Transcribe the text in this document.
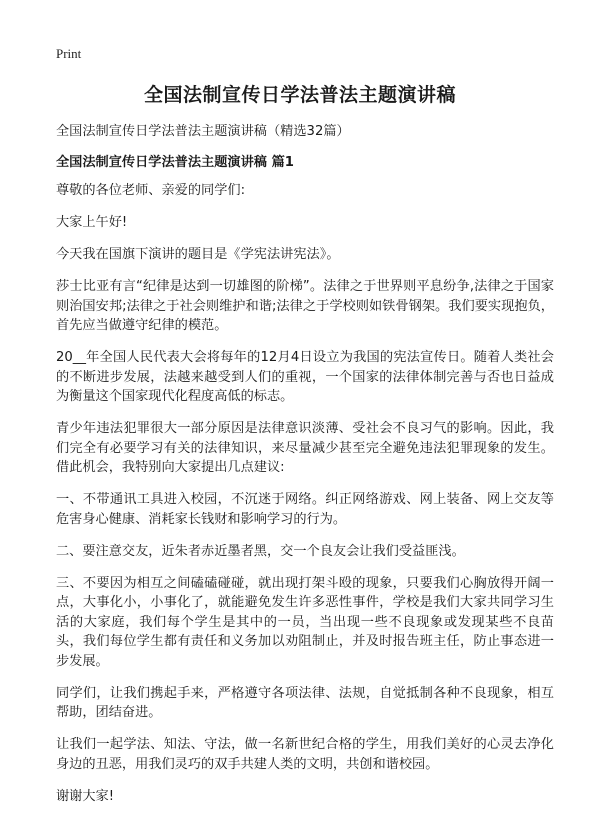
Print
全国法制宣传日学法普法主题演讲稿

全国法制宣传日学法普法主题演讲稿（精选32篇）

全国法制宣传日学法普法主题演讲稿 篇1

尊敬的各位老师、亲爱的同学们:

大家上午好!

今天我在国旗下演讲的题目是《学宪法讲宪法》。

莎士比亚有言“纪律是达到一切雄图的阶梯”。法律之于世界则平息纷争,法律之于国家则治国安邦;法律之于社会则维护和谐;法律之于学校则如铁骨钢架。我们要实现抱负，首先应当做遵守纪律的模范。

20__年全国人民代表大会将每年的12月4日设立为我国的宪法宣传日。随着人类社会的不断进步发展，法越来越受到人们的重视，一个国家的法律体制完善与否也日益成为衡量这个国家现代化程度高低的标志。

青少年违法犯罪很大一部分原因是法律意识淡薄、受社会不良习气的影响。因此，我们完全有必要学习有关的法律知识，来尽量减少甚至完全避免违法犯罪现象的发生。借此机会，我特别向大家提出几点建议:

一、不带通讯工具进入校园，不沉迷于网络。纠正网络游戏、网上装备、网上交友等危害身心健康、消耗家长钱财和影响学习的行为。

二、要注意交友，近朱者赤近墨者黑，交一个良友会让我们受益匪浅。

三、不要因为相互之间磕磕碰碰，就出现打架斗殴的现象，只要我们心胸放得开阔一点，大事化小，小事化了，就能避免发生许多恶性事件，学校是我们大家共同学习生活的大家庭，我们每个学生是其中的一员，当出现一些不良现象或发现某些不良苗头，我们每位学生都有责任和义务加以劝阻制止，并及时报告班主任，防止事态进一步发展。

同学们，让我们携起手来，严格遵守各项法律、法规，自觉抵制各种不良现象，相互帮助，团结奋进。

让我们一起学法、知法、守法，做一名新世纪合格的学生，用我们美好的心灵去净化身边的丑恶，用我们灵巧的双手共建人类的文明，共创和谐校园。

谢谢大家!
